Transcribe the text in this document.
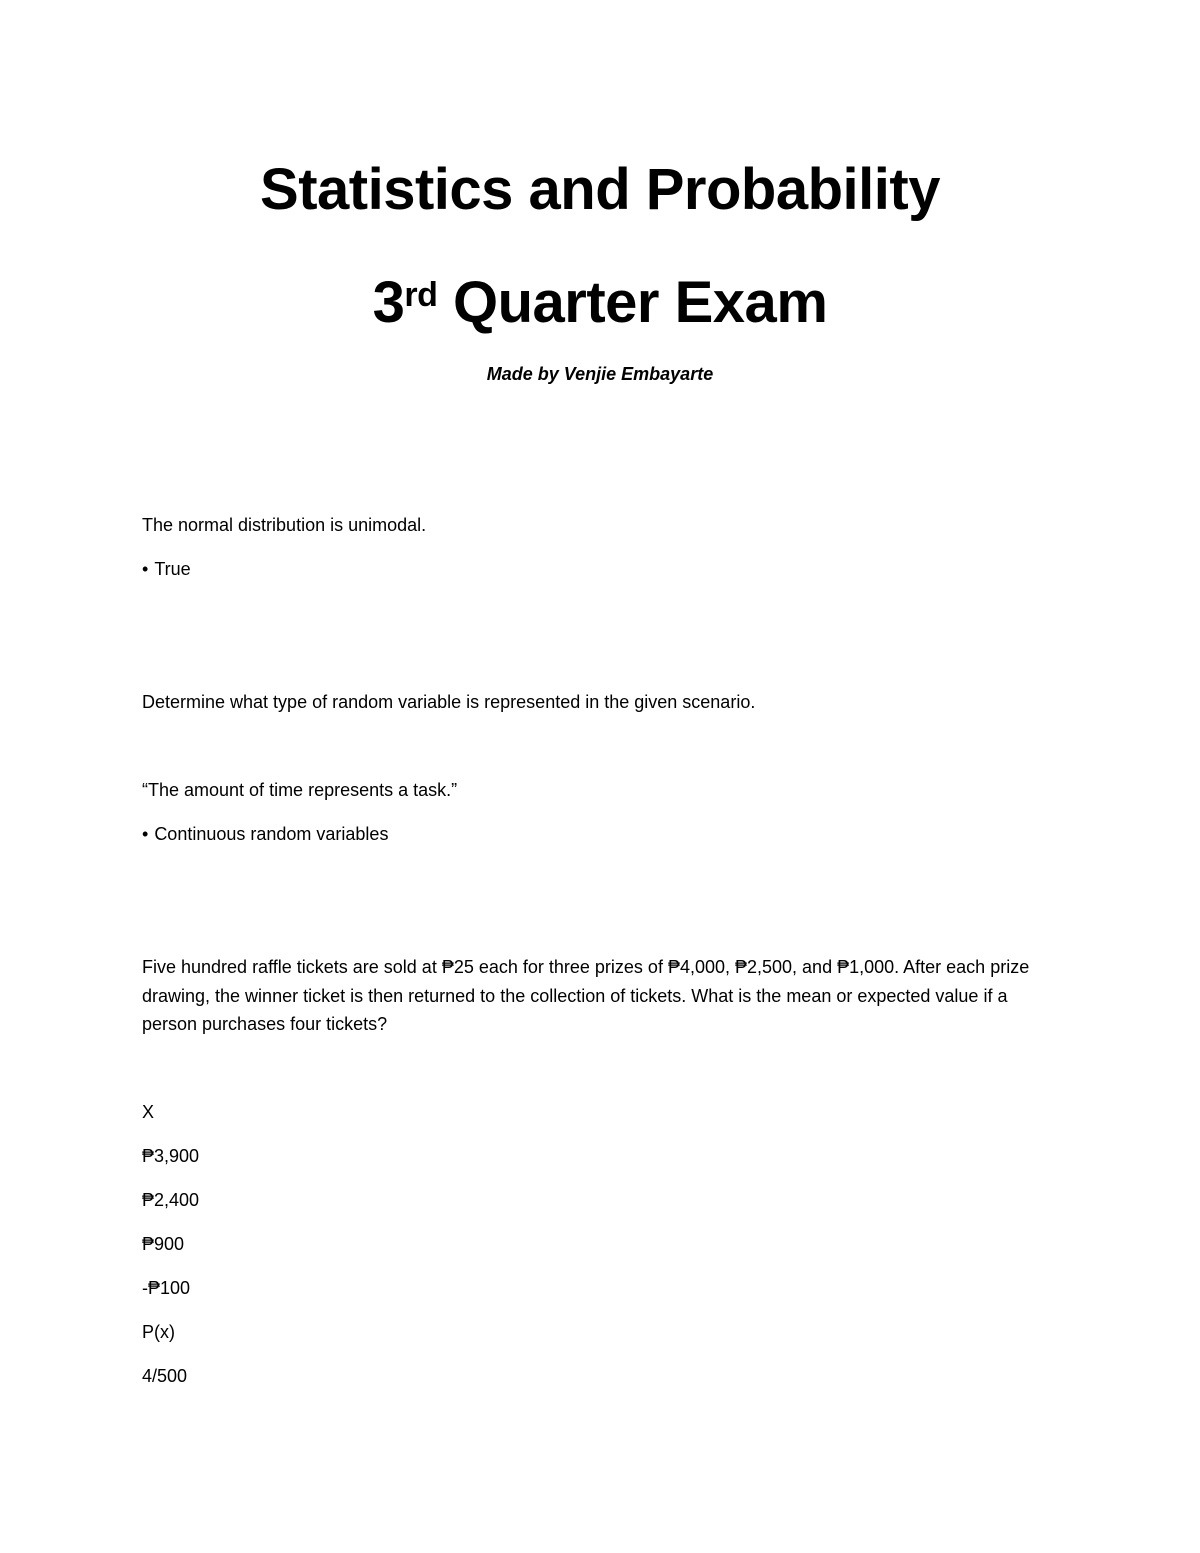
Statistics and Probability
3rd Quarter Exam
Made by Venjie Embayarte
The normal distribution is unimodal.
• True
Determine what type of random variable is represented in the given scenario.
“The amount of time represents a task.”
• Continuous random variables
Five hundred raffle tickets are sold at ₱25 each for three prizes of ₱4,000, ₱2,500, and ₱1,000. After each prize drawing, the winner ticket is then returned to the collection of tickets. What is the mean or expected value if a person purchases four tickets?
X
₱3,900
₱2,400
₱900
-₱100
P(x)
4/500
